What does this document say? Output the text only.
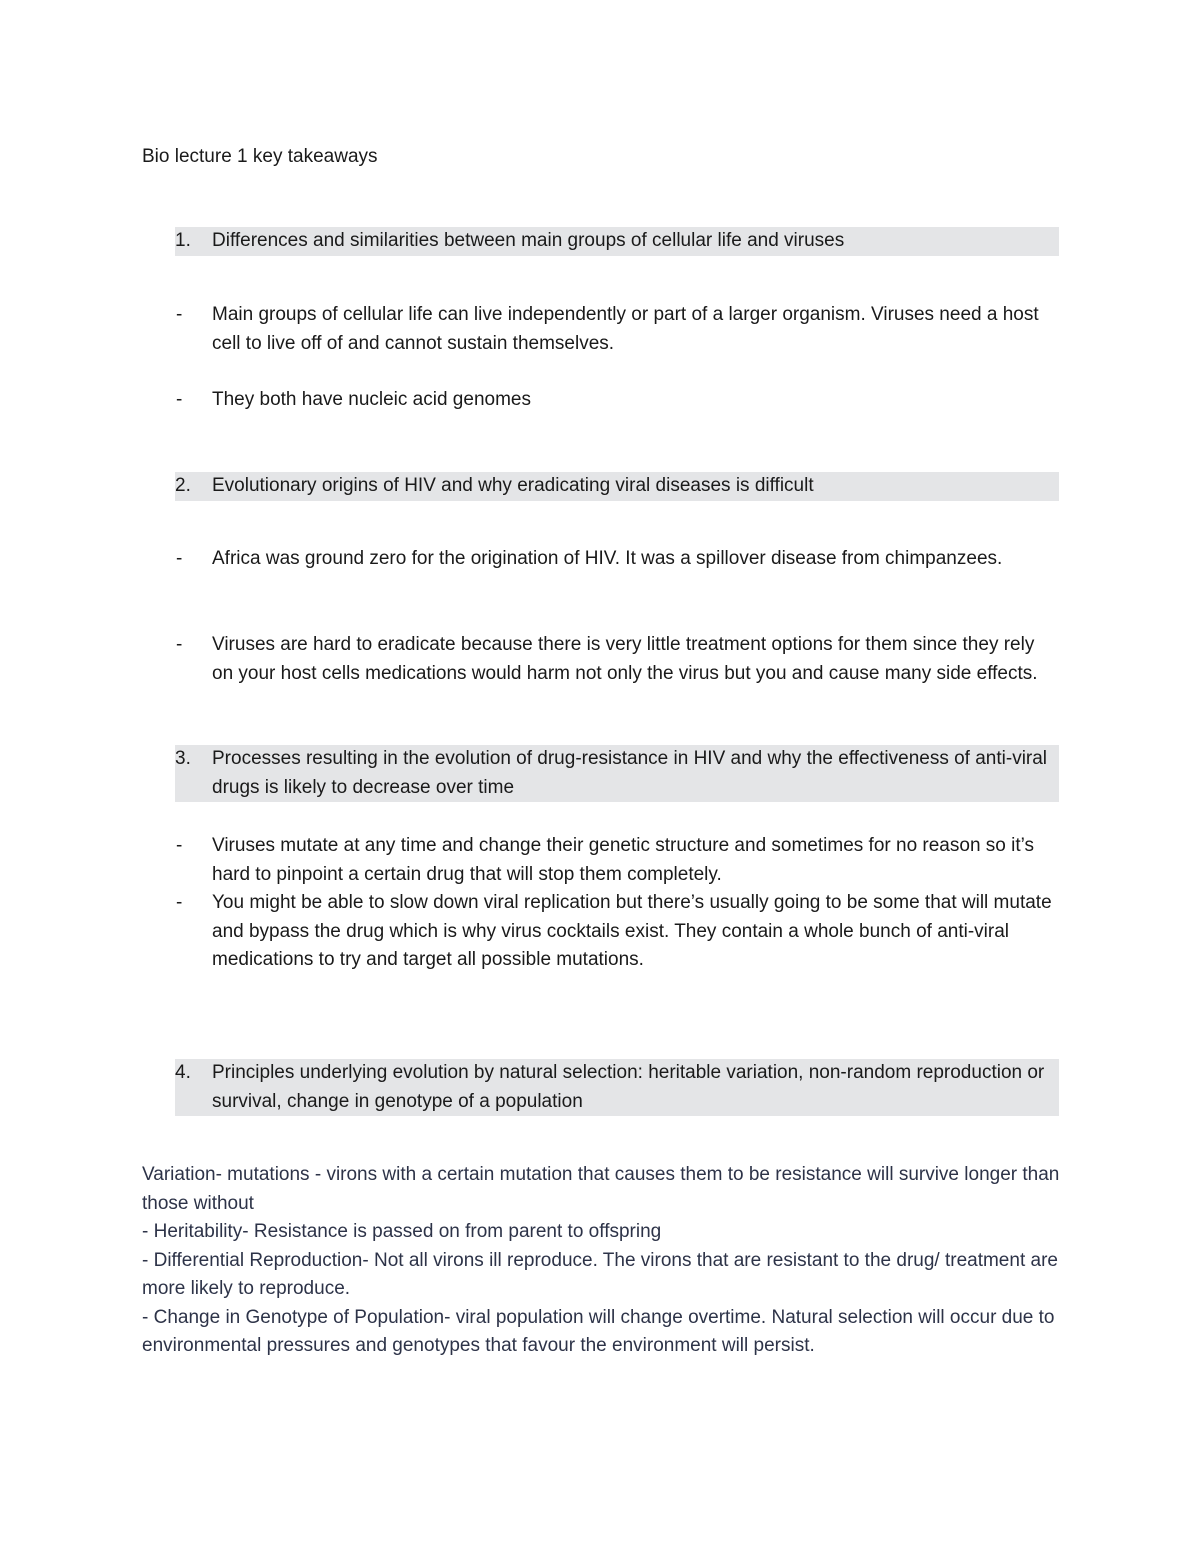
Bio lecture 1 key takeaways
1.	Differences and similarities between main groups of cellular life and viruses
-	Main groups of cellular life can live independently or part of a larger organism. Viruses need a host cell to live off of and cannot sustain themselves.
-	They both have nucleic acid genomes
2.	Evolutionary origins of HIV and why eradicating viral diseases is difficult
-	Africa was ground zero for the origination of HIV. It was a spillover disease from chimpanzees.
-	Viruses are hard to eradicate because there is very little treatment options for them since they rely on your host cells medications would harm not only the virus but you and cause many side effects.
3.	Processes resulting in the evolution of drug-resistance in HIV and why the effectiveness of anti-viral drugs is likely to decrease over time
-	Viruses mutate at any time and change their genetic structure and sometimes for no reason so it’s hard to pinpoint a certain drug that will stop them completely.
-	You might be able to slow down viral replication but there’s usually going to be some that will mutate and bypass the drug which is why virus cocktails exist. They contain a whole bunch of anti-viral medications to try and target all possible mutations.
4.	Principles underlying evolution by natural selection: heritable variation, non-random reproduction or survival, change in genotype of a population

Variation- mutations - virons with a certain mutation that causes them to be resistance will survive longer than those without

- Heritability- Resistance is passed on from parent to offspring

- Differential Reproduction- Not all virons ill reproduce. The virons that are resistant to the drug/ treatment are more likely to reproduce.

- Change in Genotype of Population- viral population will change overtime. Natural selection will occur due to environmental pressures and genotypes that favour the environment will persist.
